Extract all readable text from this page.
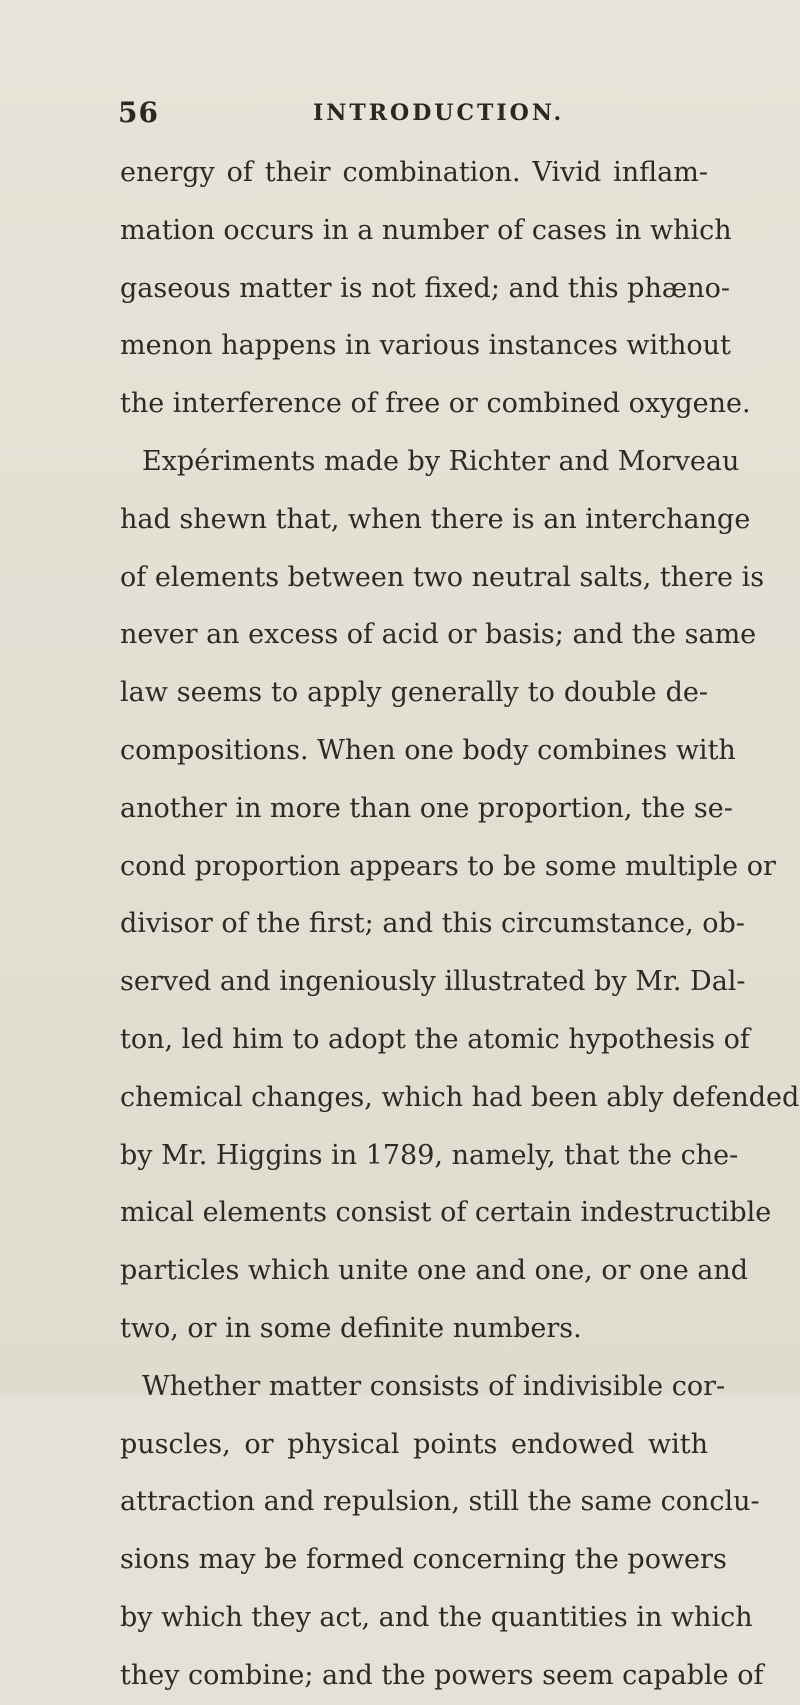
56	INTRODUCTION.
energy of their combination. Vivid inflam-
mation occurs in a number of cases in which
gaseous matter is not fixed; and this phæno-
menon happens in various instances without
the interference of free or combined oxygene.
Expériments made by Richter and Morveau
had shewn that, when there is an interchange
of elements between two neutral salts, there is
never an excess of acid or basis; and the same
law seems to apply generally to double de-
compositions. When one body combines with
another in more than one proportion, the se-
cond proportion appears to be some multiple or
divisor of the first; and this circumstance, ob-
served and ingeniously illustrated by Mr. Dal-
ton, led him to adopt the atomic hypothesis of
chemical changes, which had been ably defended
by Mr. Higgins in 1789, namely, that the che-
mical elements consist of certain indestructible
particles which unite one and one, or one and
two, or in some definite numbers.
Whether matter consists of indivisible cor-
puscles, or physical points endowed with
attraction and repulsion, still the same conclu-
sions may be formed concerning the powers
by which they act, and the quantities in which
they combine; and the powers seem capable of
